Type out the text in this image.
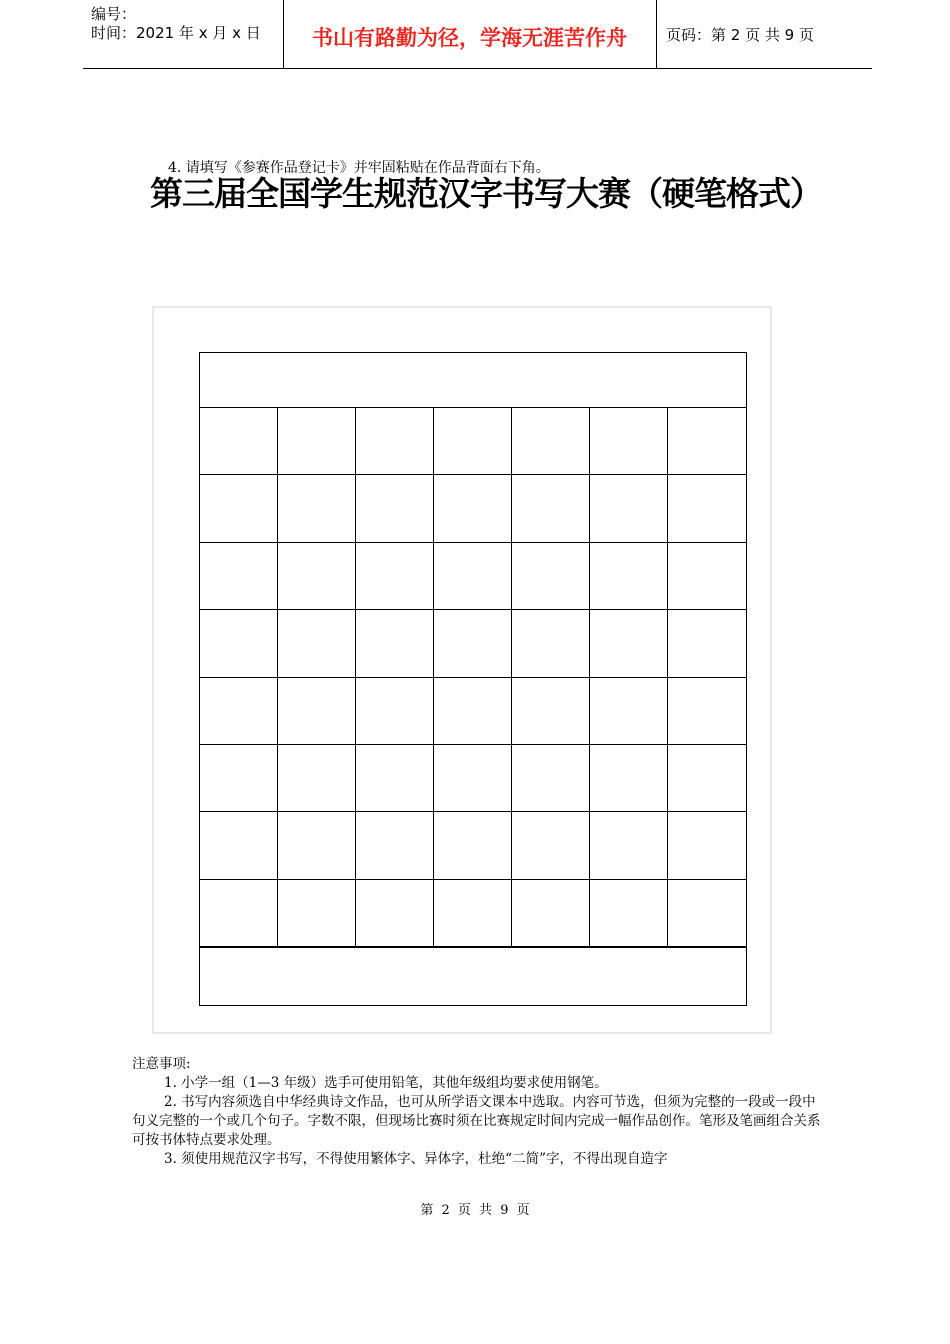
编号：
时间：2021 年 x 月 x 日	书山有路勤为径，学海无涯苦作舟	页码：第 2 页 共 9 页
4. 请填写《参赛作品登记卡》并牢固粘贴在作品背面右下角。
第三届全国学生规范汉字书写大赛（硬笔格式）

注意事项:

1. 小学一组（1—3 年级）选手可使用铅笔，其他年级组均要求使用钢笔。

2. 书写内容须选自中华经典诗文作品，也可从所学语文课本中选取。内容可节选，但须为完整的一段或一段中句义完整的一个或几个句子。字数不限，但现场比赛时须在比赛规定时间内完成一幅作品创作。笔形及笔画组合关系可按书体特点要求处理。

3. 须使用规范汉字书写，不得使用繁体字、异体字，杜绝“二简”字，不得出现自造字

第 2 页 共 9 页
